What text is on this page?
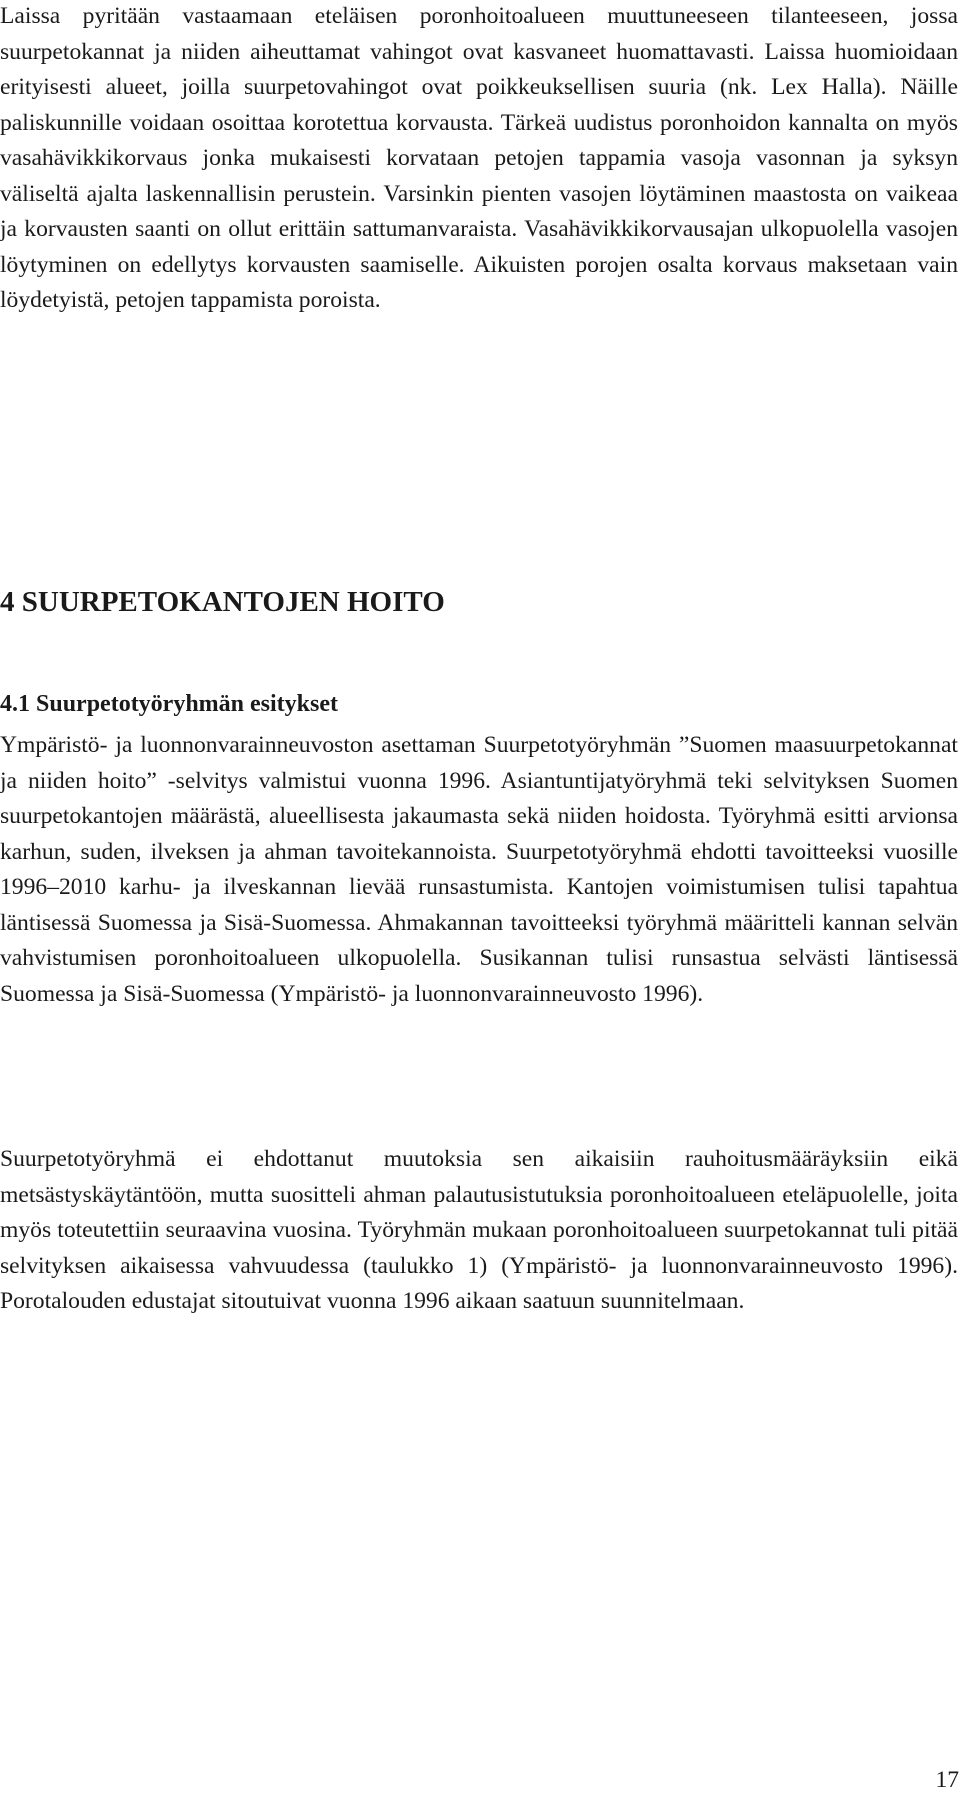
Laissa pyritään vastaamaan eteläisen poronhoitoalueen muuttuneeseen tilanteeseen, jossa suurpetokannat ja niiden aiheuttamat vahingot ovat kasvaneet huomattavasti. Laissa huomioidaan erityisesti alueet, joilla suurpetovahingot ovat poikkeuksellisen suuria (nk. Lex Halla). Näille paliskunnille voidaan osoittaa korotettua korvausta. Tärkeä uudistus poronhoidon kannalta on myös vasahävikkikorvaus jonka mukaisesti korvataan petojen tappamia vasoja vasonnan ja syksyn väliseltä ajalta laskennallisin perustein. Varsinkin pienten vasojen löytäminen maastosta on vaikeaa ja korvausten saanti on ollut erittäin sattumanvaraista. Vasahävikkikorvausajan ulkopuolella vasojen löytyminen on edellytys korvausten saamiselle. Aikuisten porojen osalta korvaus maksetaan vain löydetyistä, petojen tappamista poroista.

4 SUURPETOKANTOJEN HOITO
4.1 Suurpetotyöryhmän esitykset

Ympäristö- ja luonnonvarainneuvoston asettaman Suurpetotyöryhmän ”Suomen maasuurpetokannat ja niiden hoito” -selvitys valmistui vuonna 1996. Asiantuntijatyöryhmä teki selvityksen Suomen suurpetokantojen määrästä, alueellisesta jakaumasta sekä niiden hoidosta. Työryhmä esitti arvionsa karhun, suden, ilveksen ja ahman tavoitekannoista. Suurpetotyöryhmä ehdotti tavoitteeksi vuosille 1996–2010 karhu- ja ilveskannan lievää runsastumista. Kantojen voimistumisen tulisi tapahtua läntisessä Suomessa ja Sisä-Suomessa. Ahmakannan tavoitteeksi työryhmä määritteli kannan selvän vahvistumisen poronhoitoalueen ulkopuolella. Susikannan tulisi runsastua selvästi läntisessä Suomessa ja Sisä-Suomessa (Ympäristö- ja luonnonvarainneuvosto 1996).

Suurpetotyöryhmä ei ehdottanut muutoksia sen aikaisiin rauhoitusmääräyksiin eikä metsästyskäytäntöön, mutta suositteli ahman palautusistutuksia poronhoitoalueen eteläpuolelle, joita myös toteutettiin seuraavina vuosina. Työryhmän mukaan poronhoitoalueen suurpetokannat tuli pitää selvityksen aikaisessa vahvuudessa (taulukko 1) (Ympäristö- ja luonnonvarainneuvosto 1996). Porotalouden edustajat sitoutuivat vuonna 1996 aikaan saatuun suunnitelmaan.

17
